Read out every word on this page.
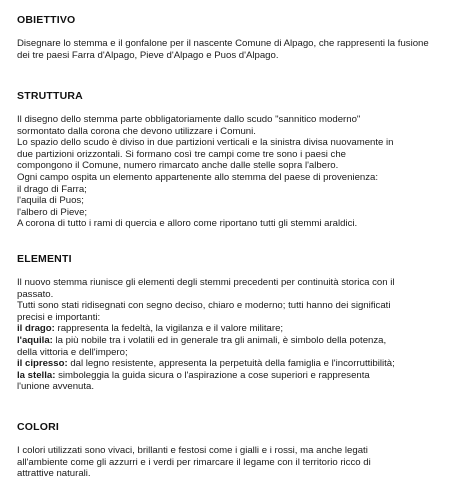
OBIETTIVO

Disegnare lo stemma e il gonfalone per il nascente Comune di Alpago, che rappresenti la fusione dei tre paesi Farra d'Alpago, Pieve d'Alpago e Puos d'Alpago.

STRUTTURA
Il disegno dello stemma parte obbligatoriamente dallo scudo "sannitico moderno"
sormontato dalla corona che devono utilizzare i Comuni.
Lo spazio dello scudo è diviso in due partizioni verticali e la sinistra divisa nuovamente in
due partizioni orizzontali. Si formano così tre campi come tre sono i paesi che
compongono il Comune, numero rimarcato anche dalle stelle sopra l'albero.
Ogni campo ospita un elemento appartenente allo stemma del paese di provenienza:
il drago di Farra;
l'aquila di Puos;
l'albero di Pieve;
A corona di tutto i rami di quercia e alloro come riportano tutti gli stemmi araldici.
ELEMENTI
Il nuovo stemma riunisce gli elementi degli stemmi precedenti per continuità storica con il
passato.
Tutti sono stati ridisegnati con segno deciso, chiaro e moderno; tutti hanno dei significati
precisi e importanti:
il drago: rappresenta la fedeltà, la vigilanza e il valore militare;
l'aquila: la più nobile tra i volatili ed in generale tra gli animali, è simbolo della potenza,
della vittoria e dell'impero;
il cipresso: dal legno resistente, appresenta la perpetuità della famiglia e l'incorruttibilità;
la stella: simboleggia la guida sicura o l'aspirazione a cose superiori e rappresenta
l'unione avvenuta.
COLORI
I colori utilizzati sono vivaci, brillanti e festosi come i gialli e i rossi, ma anche legati
all'ambiente come gli azzurri e i verdi per rimarcare il legame con il territorio ricco di
attrattive naturali.
